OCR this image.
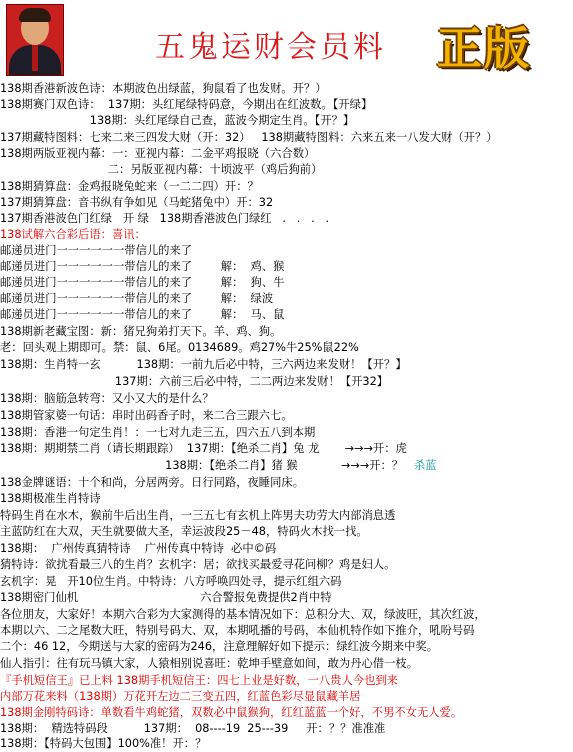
五鬼运财会员料 正版
138期香港新波色诗：本期波色出绿蓝，狗鼠看了也发财。开？）
138期赛门双色诗：  137期：头红尾绿特码意，今期出在红波数。【开绿】
138期：头红尾绿自己查，蓝波今期定生肖。【开？】
137期藏特图料：七来二来三四发大财（开：32）   138期藏特图料：六来五来一八发大财（开？）
138期两版亚视内幕：一：亚视内幕：二金平鸡报晓（六合数）
二：另版亚视内幕：十顷波平（鸡后狗前）
138期猜算盘：金鸡报晓兔蛇来（一二二四）开：？
137期猜算盘：音书纵有争如见（马蛇猪兔中）开：32
137期香港波色门红绿   开 绿   138期香港波色门绿红   .   .   .   .
138试解六合彩后语：喜讯：
邮递员进门一一一一一一带信儿的来了
邮递员进门一一一一一一带信儿的来了        解：  鸡、猴
邮递员进门一一一一一一带信儿的来了        解：  狗、牛
邮递员进门一一一一一一带信儿的来了        解：  绿波
邮递员进门一一一一一一带信儿的来了        解：  马、鼠
138期新老藏宝图：新：猪兄狗弟打天下。羊、鸡、狗。
老：回头观上期即可。禁：鼠、6尾。0134689。鸡27%牛25%鼠22%
138期：生肖特一玄          138期：一前九后必中特，三六两边来发财！【开？】
137期：六前三后必中特，二二两边来发财！【开32】
138期：脑筋急转弯：又小又大的是什么？
138期管家婆一句话：串时出码香子时，来二合三跟六七。
138期：香港一句定生肖！：一七对九走三五，四六五八到本期
138期：期期禁二肖（请长期跟踪）  137期：【绝杀二肖】兔 龙       →→→开：虎
138期：【绝杀二肖】猪 猴            →→→开：？ 杀蓝
138金牌谜语：十个和尚，分居两旁。日行同路，夜睡同床。
138期极准生肖特诗
特码生肖在水木，猴前牛后出生肖，一三五七有玄机上阵男夫功劳大内部消息透
主蓝防红在大双，天生就要做大圣，幸运波段25－48，特码火木找一找。
138期：  广州传真猜特诗    广州传真中特诗  必中©码
猜特诗：欲扰看最三八的生肖？玄机字：居；欲找买最爱寻花问柳？鸡是妇人。
玄机字：晃   开10位生肖。中特诗：八方呼唤四处寻，提示红组六码
138期密门仙机                                  六合警报免费提供2肖中特
各位朋友，大家好！本期六合彩为大家测得的基本情况如下：总积分大、双，绿波旺，其次红波，
本期以六、二之尾数大旺，特别号码大、双，本期吼播的号码，本仙机特作如下推介，吼吩号码
二个：46 12，今期送与大家的密码为246，注意理解好如下提示：绿红波今期来中奖。
仙人指引：往有玩马镇大家，人猿相别说喜旺：乾坤手壁意如间，敢为丹心借一枝。
『手机短信王』已上料 138期手机短信王：四七上业是好数，一八贵人今也到来
内部万花来料（138期）万花开左边二三变五四，红蓝色彩尽显鼠藏羊居
138期金刚特码诗：单数看牛鸡蛇猪，双数必中鼠猴狗，红红蓝蓝一个好，不男不女无人爱。
138期：  精选特码段          137期：  08----19  25---39     开：？？准准准
138期：【特码大包围】100%准！开：？
